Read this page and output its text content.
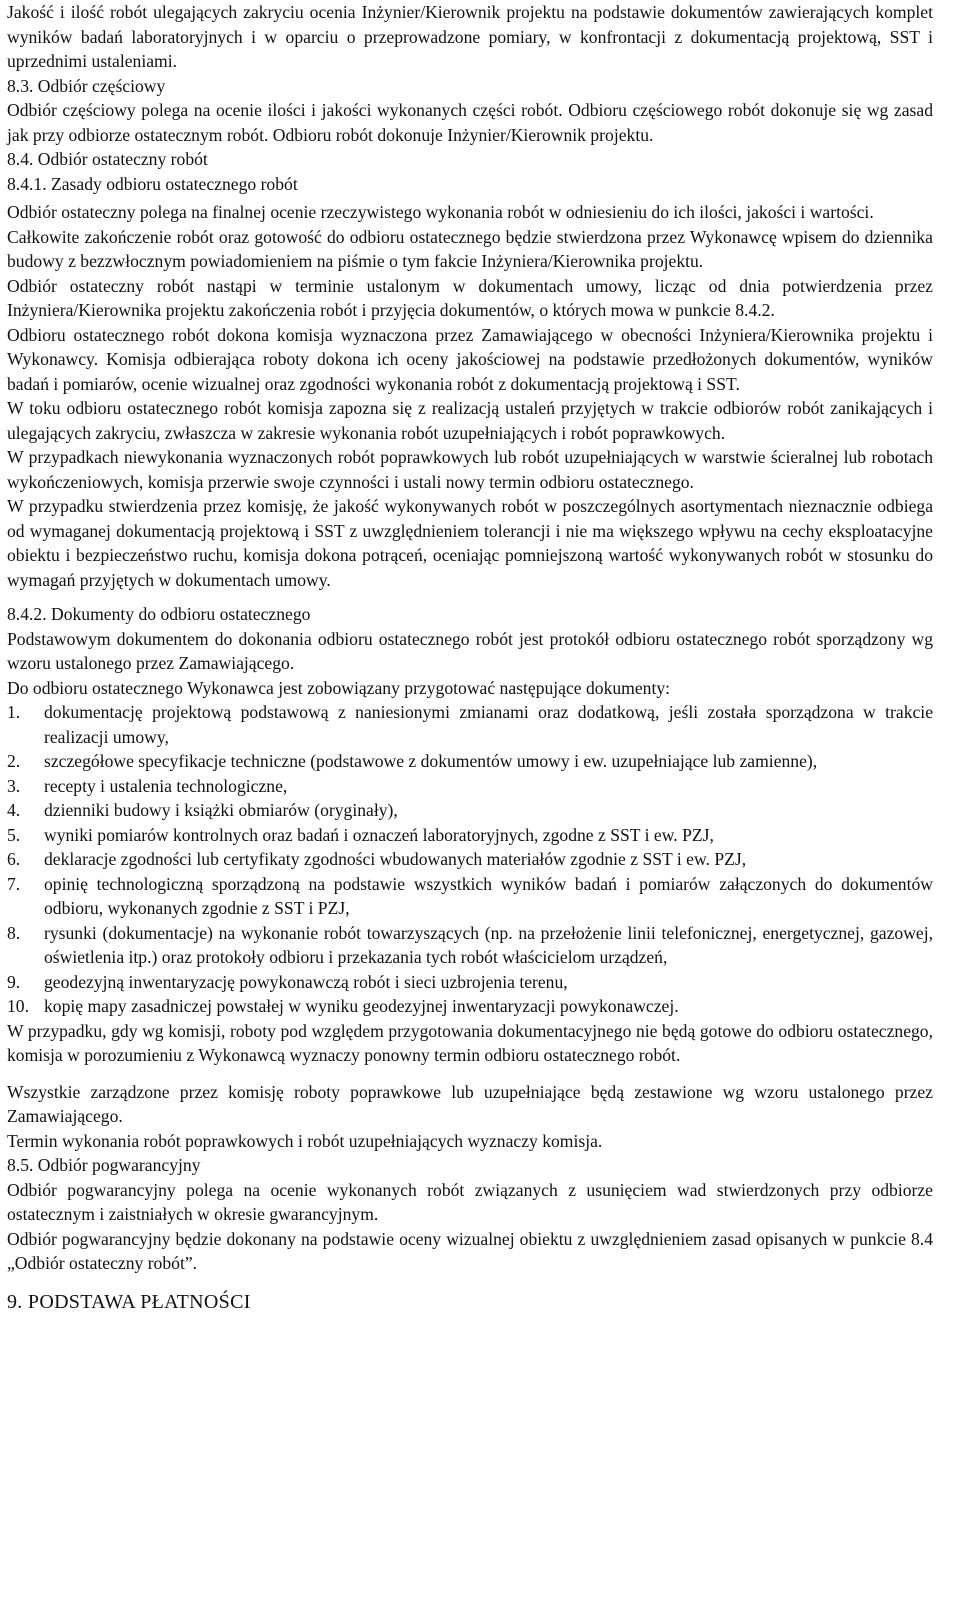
Jakość i ilość robót ulegających zakryciu ocenia Inżynier/Kierownik projektu na podstawie dokumentów zawierających komplet wyników badań laboratoryjnych i w oparciu o przeprowadzone pomiary, w konfrontacji z dokumentacją projektową, SST i uprzednimi ustaleniami.

8.3. Odbiór częściowy

Odbiór częściowy polega na ocenie ilości i jakości wykonanych części robót. Odbioru częściowego robót dokonuje się wg zasad jak przy odbiorze ostatecznym robót. Odbioru robót dokonuje Inżynier/Kierownik projektu.

8.4. Odbiór ostateczny robót
8.4.1. Zasady odbioru ostatecznego robót

Odbiór ostateczny polega na finalnej ocenie rzeczywistego wykonania robót w odniesieniu do ich ilości, jakości i wartości.

Całkowite zakończenie robót oraz gotowość do odbioru ostatecznego będzie stwierdzona przez Wykonawcę wpisem do dziennika budowy z bezzwłocznym powiadomieniem na piśmie o tym fakcie Inżyniera/Kierownika projektu.

Odbiór ostateczny robót nastąpi w terminie ustalonym w dokumentach umowy, licząc od dnia potwierdzenia przez Inżyniera/Kierownika projektu zakończenia robót i przyjęcia dokumentów, o których mowa w punkcie 8.4.2.

Odbioru ostatecznego robót dokona komisja wyznaczona przez Zamawiającego w obecności Inżyniera/Kierownika projektu i Wykonawcy. Komisja odbierająca roboty dokona ich oceny jakościowej na podstawie przedłożonych dokumentów, wyników badań i pomiarów, ocenie wizualnej oraz zgodności wykonania robót z dokumentacją projektową i SST.

W toku odbioru ostatecznego robót komisja zapozna się z realizacją ustaleń przyjętych w trakcie odbiorów robót zanikających i ulegających zakryciu, zwłaszcza w zakresie wykonania robót uzupełniających i robót poprawkowych.

W przypadkach niewykonania wyznaczonych robót poprawkowych lub robót uzupełniających w warstwie ścieralnej lub robotach wykończeniowych, komisja przerwie swoje czynności i ustali nowy termin odbioru ostatecznego.

W przypadku stwierdzenia przez komisję, że jakość wykonywanych robót w poszczególnych asortymentach nieznacznie odbiega od wymaganej dokumentacją projektową i SST z uwzględnieniem tolerancji i nie ma większego wpływu na cechy eksploatacyjne obiektu i bezpieczeństwo ruchu, komisja dokona potrąceń, oceniając pomniejszoną wartość wykonywanych robót w stosunku do wymagań przyjętych w dokumentach umowy.

8.4.2. Dokumenty do odbioru ostatecznego

Podstawowym dokumentem do dokonania odbioru ostatecznego robót jest protokół odbioru ostatecznego robót sporządzony wg wzoru ustalonego przez Zamawiającego.

Do odbioru ostatecznego Wykonawca jest zobowiązany przygotować następujące dokumenty:

1.	dokumentację projektową podstawową z naniesionymi zmianami oraz dodatkową, jeśli została sporządzona w trakcie realizacji umowy,
2.	szczegółowe specyfikacje techniczne (podstawowe z dokumentów umowy i ew. uzupełniające lub zamienne),
3.	recepty i ustalenia technologiczne,
4.	dzienniki budowy i książki obmiarów (oryginały),
5.	wyniki pomiarów kontrolnych oraz badań i oznaczeń laboratoryjnych, zgodne z SST i ew. PZJ,
6.	deklaracje zgodności lub certyfikaty zgodności wbudowanych materiałów zgodnie z SST i ew. PZJ,
7.	opinię technologiczną sporządzoną na podstawie wszystkich wyników badań i pomiarów załączonych do dokumentów odbioru, wykonanych zgodnie z SST i PZJ,
8.	rysunki (dokumentacje) na wykonanie robót towarzyszących (np. na przełożenie linii telefonicznej, energetycznej, gazowej, oświetlenia itp.) oraz protokoły odbioru i przekazania tych robót właścicielom urządzeń,
9.	geodezyjną inwentaryzację powykonawczą robót i sieci uzbrojenia terenu,
10. kopię mapy zasadniczej powstałej w wyniku geodezyjnej inwentaryzacji powykonawczej.

W przypadku, gdy wg komisji, roboty pod względem przygotowania dokumentacyjnego nie będą gotowe do odbioru ostatecznego, komisja w porozumieniu z Wykonawcą wyznaczy ponowny termin odbioru ostatecznego robót.

Wszystkie zarządzone przez komisję roboty poprawkowe lub uzupełniające będą zestawione wg wzoru ustalonego przez Zamawiającego.

Termin wykonania robót poprawkowych i robót uzupełniających wyznaczy komisja.

8.5. Odbiór pogwarancyjny

Odbiór pogwarancyjny polega na ocenie wykonanych robót związanych z usunięciem wad stwierdzonych przy odbiorze ostatecznym i zaistniałych w okresie gwarancyjnym.

Odbiór pogwarancyjny będzie dokonany na podstawie oceny wizualnej obiektu z uwzględnieniem zasad opisanych w punkcie 8.4 „Odbiór ostateczny robót”.

9. PODSTAWA PŁATNOŚCI
